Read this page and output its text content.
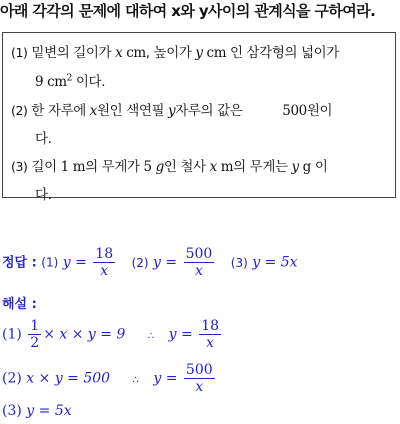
아래 각각의 문제에 대하여 x와 y사이의 관계식을 구하여라.
(1) 밑변의 길이가 x cm, 높이가 y cm 인 삼각형의 넓이가
9 $cm^2$ 이다.
(2) 한 자루에 x원인 색연필 y자루의 값은	500원이
다.
(3) 길이 1 m의 무게가 5 g인 철사 x m의 무게는 y g 이
다.
정답 : (1) $y = \frac{18}{x} (2) y = \frac{500}{x} (3) y = 5x$
해설 :
$(1) \frac{1}{2} \times x \times y = 9$ ∴ $y = \frac{18}{x}$
(2) x × y = 500 ∴ $y = \frac{500}{x}$
(3) y = 5x
